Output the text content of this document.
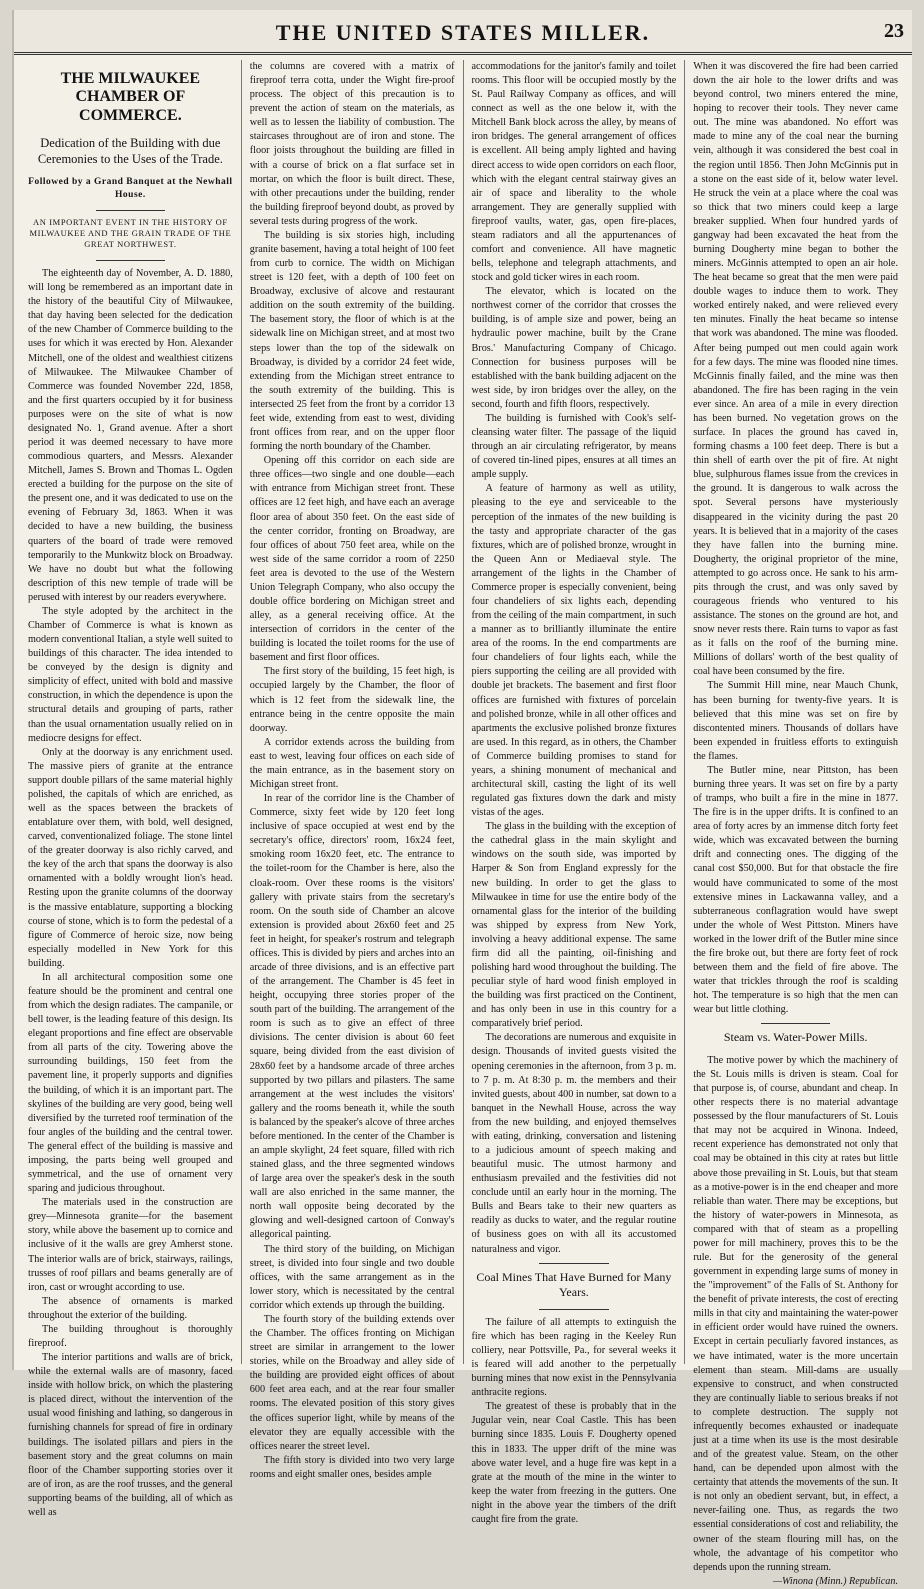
THE UNITED STATES MILLER.	23
THE MILWAUKEE CHAMBER OF COMMERCE.
Dedication of the Building with due Ceremonies to the Uses of the Trade.
Followed by a Grand Banquet at the Newhall House.
AN IMPORTANT EVENT IN THE HISTORY OF MILWAUKEE AND THE GRAIN TRADE OF THE GREAT NORTHWEST.

The eighteenth day of November, A. D. 1880, will long be remembered as an important date in the history of the beautiful City of Milwaukee, that day having been selected for the dedication of the new Chamber of Commerce building to the uses for which it was erected by Hon. Alexander Mitchell, one of the oldest and wealthiest citizens of Milwaukee. The Milwaukee Chamber of Commerce was founded November 22d, 1858, and the first quarters occupied by it for business purposes were on the site of what is now designated No. 1, Grand avenue. After a short period it was deemed necessary to have more commodious quarters, and Messrs. Alexander Mitchell, James S. Brown and Thomas L. Ogden erected a building for the purpose on the site of the present one, and it was dedicated to use on the evening of February 3d, 1863. When it was decided to have a new building, the business quarters of the board of trade were removed temporarily to the Munkwitz block on Broadway. We have no doubt but what the following description of this new temple of trade will be perused with interest by our readers everywhere.

The style adopted by the architect in the Chamber of Commerce is what is known as modern conventional Italian, a style well suited to buildings of this character. The idea intended to be conveyed by the design is dignity and simplicity of effect, united with bold and massive construction, in which the dependence is upon the structural details and grouping of parts, rather than the usual ornamentation usually relied on in mediocre designs for effect.

Only at the doorway is any enrichment used. The massive piers of granite at the entrance support double pillars of the same material highly polished, the capitals of which are enriched, as well as the spaces between the brackets of entablature over them, with bold, well designed, carved, conventionalized foliage. The stone lintel of the greater doorway is also richly carved, and the key of the arch that spans the doorway is also ornamented with a boldly wrought lion's head. Resting upon the granite columns of the doorway is the massive entablature, supporting a blocking course of stone, which is to form the pedestal of a figure of Commerce of heroic size, now being especially modelled in New York for this building.

In all architectural composition some one feature should be the prominent and central one from which the design radiates. The campanile, or bell tower, is the leading feature of this design. Its elegant proportions and fine effect are observable from all parts of the city. Towering above the surrounding buildings, 150 feet from the pavement line, it properly supports and dignifies the building, of which it is an important part. The skylines of the building are very good, being well diversified by the turreted roof termination of the four angles of the building and the central tower. The general effect of the building is massive and imposing, the parts being well grouped and symmetrical, and the use of ornament very sparing and judicious throughout.

The materials used in the construction are grey—Minnesota granite—for the basement story, while above the basement up to cornice and inclusive of it the walls are grey Amherst stone. The interior walls are of brick, stairways, railings, trusses of roof pillars and beams generally are of iron, cast or wrought according to use.

The absence of ornaments is marked throughout the exterior of the building.

The building throughout is thoroughly fireproof.

The interior partitions and walls are of brick, while the external walls are of masonry, faced inside with hollow brick, on which the plastering is placed direct, without the intervention of the usual wood finishing and lathing, so dangerous in furnishing channels for spread of fire in ordinary buildings. The isolated pillars and piers in the basement story and the great columns on main floor of the Chamber supporting stories over it are of iron, as are the roof trusses, and the general supporting beams of the building, all of which as well as

the columns are covered with a matrix of fireproof terra cotta, under the Wight fire-proof process. The object of this precaution is to prevent the action of steam on the materials, as well as to lessen the liability of combustion. The staircases throughout are of iron and stone. The floor joists throughout the building are filled in with a course of brick on a flat surface set in mortar, on which the floor is built direct. These, with other precautions under the building, render the building fireproof beyond doubt, as proved by several tests during progress of the work.

The building is six stories high, including granite basement, having a total height of 100 feet from curb to cornice. The width on Michigan street is 120 feet, with a depth of 100 feet on Broadway, exclusive of alcove and restaurant addition on the south extremity of the building. The basement story, the floor of which is at the sidewalk line on Michigan street, and at most two steps lower than the top of the sidewalk on Broadway, is divided by a corridor 24 feet wide, extending from the Michigan street entrance to the south extremity of the building. This is intersected 25 feet from the front by a corridor 13 feet wide, extending from east to west, dividing front offices from rear, and on the upper floor forming the north boundary of the Chamber.

Opening off this corridor on each side are three offices—two single and one double—each with entrance from Michigan street front. These offices are 12 feet high, and have each an average floor area of about 350 feet. On the east side of the center corridor, fronting on Broadway, are four offices of about 750 feet area, while on the west side of the same corridor a room of 2250 feet area is devoted to the use of the Western Union Telegraph Company, who also occupy the double office bordering on Michigan street and alley, as a general receiving office. At the intersection of corridors in the center of the building is located the toilet rooms for the use of basement and first floor offices.

The first story of the building, 15 feet high, is occupied largely by the Chamber, the floor of which is 12 feet from the sidewalk line, the entrance being in the centre opposite the main doorway.

A corridor extends across the building from east to west, leaving four offices on each side of the main entrance, as in the basement story on Michigan street front.

In rear of the corridor line is the Chamber of Commerce, sixty feet wide by 120 feet long inclusive of space occupied at west end by the secretary's office, directors' room, 16x24 feet, smoking room 16x20 feet, etc. The entrance to the toilet-room for the Chamber is here, also the cloak-room. Over these rooms is the visitors' gallery with private stairs from the secretary's room. On the south side of Chamber an alcove extension is provided about 26x60 feet and 25 feet in height, for speaker's rostrum and telegraph offices. This is divided by piers and arches into an arcade of three divisions, and is an effective part of the arrangement. The Chamber is 45 feet in height, occupying three stories proper of the south part of the building. The arrangement of the room is such as to give an effect of three divisions. The center division is about 60 feet square, being divided from the east division of 28x60 feet by a handsome arcade of three arches supported by two pillars and pilasters. The same arrangement at the west includes the visitors' gallery and the rooms beneath it, while the south is balanced by the speaker's alcove of three arches before mentioned. In the center of the Chamber is an ample skylight, 24 feet square, filled with rich stained glass, and the three segmented windows of large area over the speaker's desk in the south wall are also enriched in the same manner, the north wall opposite being decorated by the glowing and well-designed cartoon of Conway's allegorical painting.

The third story of the building, on Michigan street, is divided into four single and two double offices, with the same arrangement as in the lower story, which is necessitated by the central corridor which extends up through the building.

The fourth story of the building extends over the Chamber. The offices fronting on Michigan street are similar in arrangement to the lower stories, while on the Broadway and alley side of the building are provided eight offices of about 600 feet area each, and at the rear four smaller rooms. The elevated position of this story gives the offices superior light, while by means of the elevator they are equally accessible with the offices nearer the street level.

The fifth story is divided into two very large rooms and eight smaller ones, besides ample

accommodations for the janitor's family and toilet rooms. This floor will be occupied mostly by the St. Paul Railway Company as offices, and will connect as well as the one below it, with the Mitchell Bank block across the alley, by means of iron bridges. The general arrangement of offices is excellent. All being amply lighted and having direct access to wide open corridors on each floor, which with the elegant central stairway gives an air of space and liberality to the whole arrangement. They are generally supplied with fireproof vaults, water, gas, open fire-places, steam radiators and all the appurtenances of comfort and convenience. All have magnetic bells, telephone and telegraph attachments, and stock and gold ticker wires in each room.

The elevator, which is located on the northwest corner of the corridor that crosses the building, is of ample size and power, being an hydraulic power machine, built by the Crane Bros.' Manufacturing Company of Chicago. Connection for business purposes will be established with the bank building adjacent on the west side, by iron bridges over the alley, on the second, fourth and fifth floors, respectively.

The building is furnished with Cook's self-cleansing water filter. The passage of the liquid through an air circulating refrigerator, by means of covered tin-lined pipes, ensures at all times an ample supply.

A feature of harmony as well as utility, pleasing to the eye and serviceable to the perception of the inmates of the new building is the tasty and appropriate character of the gas fixtures, which are of polished bronze, wrought in the Queen Ann or Mediaeval style. The arrangement of the lights in the Chamber of Commerce proper is especially convenient, being four chandeliers of six lights each, depending from the ceiling of the main compartment, in such a manner as to brilliantly illuminate the entire area of the rooms. In the end compartments are four chandeliers of four lights each, while the piers supporting the ceiling are all provided with double jet brackets. The basement and first floor offices are furnished with fixtures of porcelain and polished bronze, while in all other offices and apartments the exclusive polished bronze fixtures are used. In this regard, as in others, the Chamber of Commerce building promises to stand for years, a shining monument of mechanical and architectural skill, casting the light of its well regulated gas fixtures down the dark and misty vistas of the ages.

The glass in the building with the exception of the cathedral glass in the main skylight and windows on the south side, was imported by Harper & Son from England expressly for the new building. In order to get the glass to Milwaukee in time for use the entire body of the ornamental glass for the interior of the building was shipped by express from New York, involving a heavy additional expense. The same firm did all the painting, oil-finishing and polishing hard wood throughout the building. The peculiar style of hard wood finish employed in the building was first practiced on the Continent, and has only been in use in this country for a comparatively brief period.

The decorations are numerous and exquisite in design. Thousands of invited guests visited the opening ceremonies in the afternoon, from 3 p. m. to 7 p. m. At 8:30 p. m. the members and their invited guests, about 400 in number, sat down to a banquet in the Newhall House, across the way from the new building, and enjoyed themselves with eating, drinking, conversation and listening to a judicious amount of speech making and beautiful music. The utmost harmony and enthusiasm prevailed and the festivities did not conclude until an early hour in the morning. The Bulls and Bears take to their new quarters as readily as ducks to water, and the regular routine of business goes on with all its accustomed naturalness and vigor.

Coal Mines That Have Burned for Many Years.

The failure of all attempts to extinguish the fire which has been raging in the Keeley Run colliery, near Pottsville, Pa., for several weeks it is feared will add another to the perpetually burning mines that now exist in the Pennsylvania anthracite regions.

The greatest of these is probably that in the Jugular vein, near Coal Castle. This has been burning since 1835. Louis F. Dougherty opened this in 1833. The upper drift of the mine was above water level, and a huge fire was kept in a grate at the mouth of the mine in the winter to keep the water from freezing in the gutters. One night in the above year the timbers of the drift caught fire from the grate.

When it was discovered the fire had been carried down the air hole to the lower drifts and was beyond control, two miners entered the mine, hoping to recover their tools. They never came out. The mine was abandoned. No effort was made to mine any of the coal near the burning vein, although it was considered the best coal in the region until 1856. Then John McGinnis put in a stone on the east side of it, below water level. He struck the vein at a place where the coal was so thick that two miners could keep a large breaker supplied. When four hundred yards of gangway had been excavated the heat from the burning Dougherty mine began to bother the miners. McGinnis attempted to open an air hole. The heat became so great that the men were paid double wages to induce them to work. They worked entirely naked, and were relieved every ten minutes. Finally the heat became so intense that work was abandoned. The mine was flooded. After being pumped out men could again work for a few days. The mine was flooded nine times. McGinnis finally failed, and the mine was then abandoned. The fire has been raging in the vein ever since. An area of a mile in every direction has been burned. No vegetation grows on the surface. In places the ground has caved in, forming chasms a 100 feet deep. There is but a thin shell of earth over the pit of fire. At night blue, sulphurous flames issue from the crevices in the ground. It is dangerous to walk across the spot. Several persons have mysteriously disappeared in the vicinity during the past 20 years. It is believed that in a majority of the cases they have fallen into the burning mine. Dougherty, the original proprietor of the mine, attempted to go across once. He sank to his arm-pits through the crust, and was only saved by courageous friends who ventured to his assistance. The stones on the ground are hot, and snow never rests there. Rain turns to vapor as fast as it falls on the roof of the burning mine. Millions of dollars' worth of the best quality of coal have been consumed by the fire.

The Summit Hill mine, near Mauch Chunk, has been burning for twenty-five years. It is believed that this mine was set on fire by discontented miners. Thousands of dollars have been expended in fruitless efforts to extinguish the flames.

The Butler mine, near Pittston, has been burning three years. It was set on fire by a party of tramps, who built a fire in the mine in 1877. The fire is in the upper drifts. It is confined to an area of forty acres by an immense ditch forty feet wide, which was excavated between the burning drift and connecting ones. The digging of the canal cost $50,000. But for that obstacle the fire would have communicated to some of the most extensive mines in Lackawanna valley, and a subterraneous conflagration would have swept under the whole of West Pittston. Miners have worked in the lower drift of the Butler mine since the fire broke out, but there are forty feet of rock between them and the field of fire above. The water that trickles through the roof is scalding hot. The temperature is so high that the men can wear but little clothing.

Steam vs. Water-Power Mills.

The motive power by which the machinery of the St. Louis mills is driven is steam. Coal for that purpose is, of course, abundant and cheap. In other respects there is no material advantage possessed by the flour manufacturers of St. Louis that may not be acquired in Winona. Indeed, recent experience has demonstrated not only that coal may be obtained in this city at rates but little above those prevailing in St. Louis, but that steam as a motive-power is in the end cheaper and more reliable than water. There may be exceptions, but the history of water-powers in Minnesota, as compared with that of steam as a propelling power for mill machinery, proves this to be the rule. But for the generosity of the general government in expending large sums of money in the "improvement" of the Falls of St. Anthony for the benefit of private interests, the cost of erecting mills in that city and maintaining the water-power in efficient order would have ruined the owners. Except in certain peculiarly favored instances, as we have intimated, water is the more uncertain element than steam. Mill-dams are usually expensive to construct, and when constructed they are continually liable to serious breaks if not to complete destruction. The supply not infrequently becomes exhausted or inadequate just at a time when its use is the most desirable and of the greatest value. Steam, on the other hand, can be depended upon almost with the certainty that attends the movements of the sun. It is not only an obedient servant, but, in effect, a never-failing one. Thus, as regards the two essential considerations of cost and reliability, the owner of the steam flouring mill has, on the whole, the advantage of his competitor who depends upon the running stream.

—Winona (Minn.) Republican.
